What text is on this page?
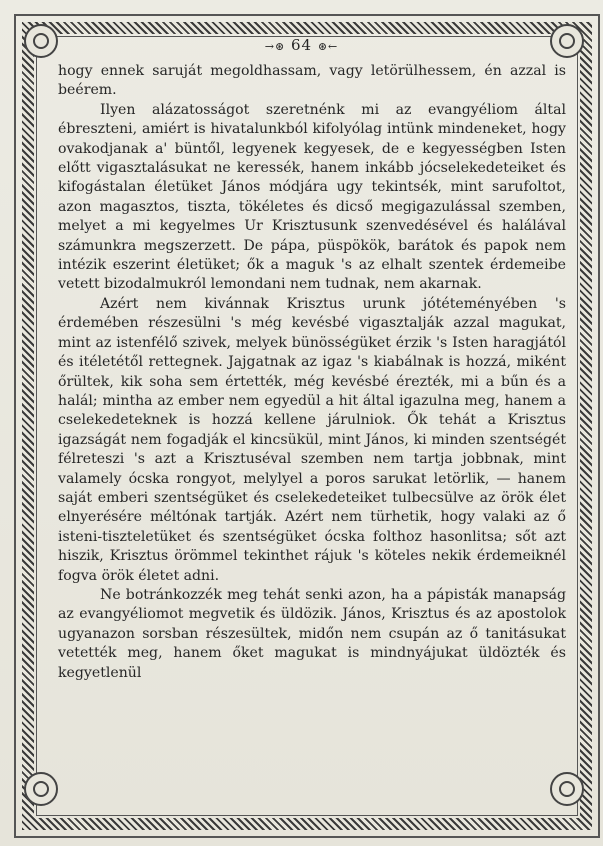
→⊛ 64 ⊛←

hogy ennek saruját megoldhassam, vagy letörülhessem, én azzal is beérem.

Ilyen alázatosságot szeretnénk mi az evangyéliom által ébreszteni, amiért is hivatalunkból kifolyólag intünk mindeneket, hogy ovakodjanak a' büntől, legyenek kegyesek, de e kegyességben Isten előtt vigasztalásukat ne keressék, hanem inkább jócselekedeteiket és kifogástalan életüket János módjára ugy tekintsék, mint sarufoltot, azon magasztos, tiszta, tökéletes és dicső megigazulással szemben, melyet a mi kegyelmes Ur Krisztusunk szenvedésével és halálával számunkra megszerzett. De pápa, püspökök, barátok és papok nem intézik eszerint életüket; ők a maguk 's az elhalt szentek érdemeibe vetett bizodalmukról lemondani nem tudnak, nem akarnak.

Azért nem kivánnak Krisztus urunk jótéteményében 's érdemében részesülni 's még kevésbé vigasztalják azzal magukat, mint az istenfélő szivek, melyek bünösségüket érzik 's Isten haragjától és itéletétől rettegnek. Jajgatnak az igaz 's kiabálnak is hozzá, miként őrültek, kik soha sem értették, még kevésbé érezték, mi a bűn és a halál; mintha az ember nem egyedül a hit által igazulna meg, hanem a cselekedeteknek is hozzá kellene járulniok. Ők tehát a Krisztus igazságát nem fogadják el kincsükül, mint János, ki minden szentségét félreteszi 's azt a Krisztuséval szemben nem tartja jobbnak, mint valamely ócska rongyot, melylyel a poros sarukat letörlik, — hanem saját emberi szentségüket és cselekedeteiket tulbecsülve az örök élet elnyerésére méltónak tartják. Azért nem türhetik, hogy valaki az ő isteni-tiszteletüket és szentségüket ócska folthoz hasonlitsa; sőt azt hiszik, Krisztus örömmel tekinthet rájuk 's köteles nekik érdemeiknél fogva örök életet adni.

Ne botránkozzék meg tehát senki azon, ha a pápisták manapság az evangyéliomot megvetik és üldözik. János, Krisztus és az apostolok ugyanazon sorsban részesültek, midőn nem csupán az ő tanitásukat vetették meg, hanem őket magukat is mindnyájukat üldözték és kegyetlenül
